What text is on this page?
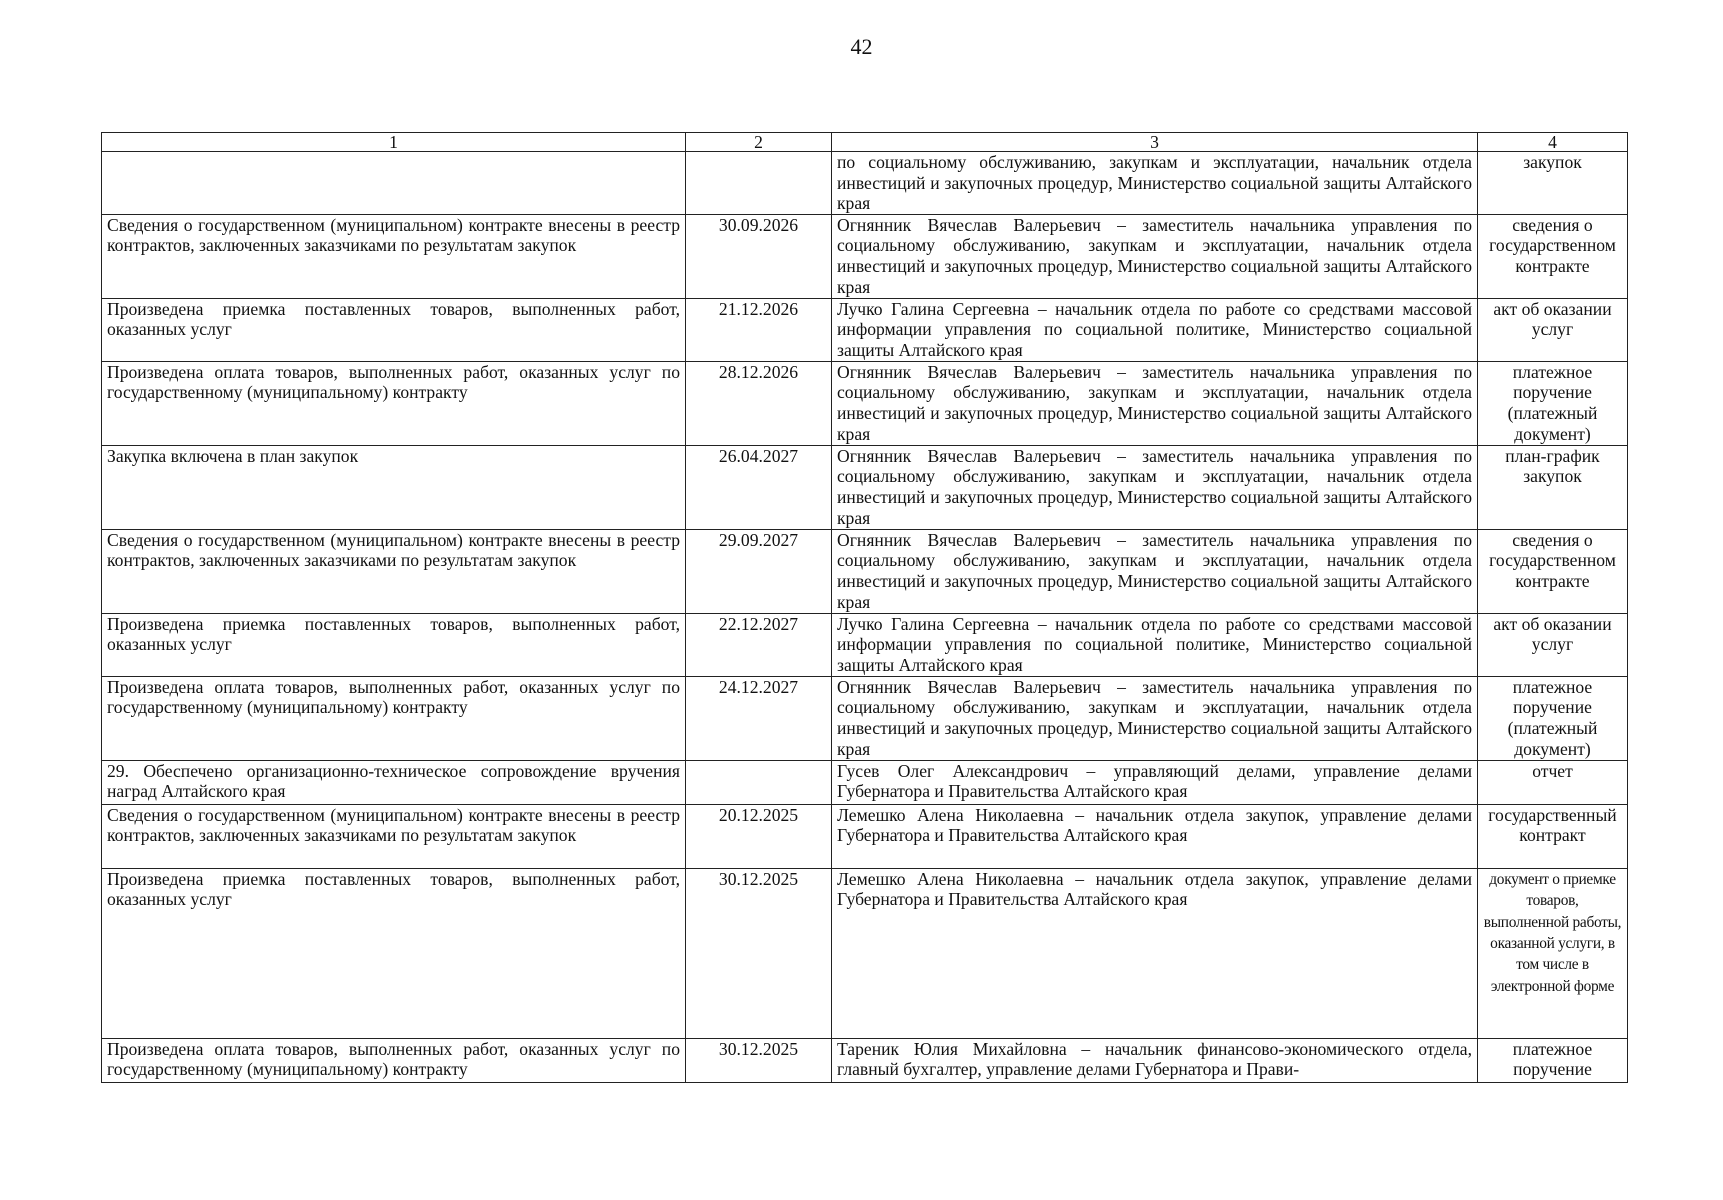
42
1	2	3	4
		по социальному обслуживанию, закупкам и эксплуатации, начальник отдела инвестиций и закупочных процедур, Министерство социальной защиты Алтайского края	закупок
Сведения о государственном (муниципальном) контракте внесены в реестр контрактов, заключенных заказчиками по результатам закупок	30.09.2026	Огнянник Вячеслав Валерьевич – заместитель начальника управления по социальному обслуживанию, закупкам и эксплуатации, начальник отдела инвестиций и закупочных процедур, Министерство социальной защиты Алтайского края	сведения о государственном контракте
Произведена приемка поставленных товаров, выполненных работ, оказанных услуг	21.12.2026	Лучко Галина Сергеевна – начальник отдела по работе со средствами массовой информации управления по социальной политике, Министерство социальной защиты Алтайского края	акт об оказании услуг
Произведена оплата товаров, выполненных работ, оказанных услуг по государственному (муниципальному) контракту	28.12.2026	Огнянник Вячеслав Валерьевич – заместитель начальника управления по социальному обслуживанию, закупкам и эксплуатации, начальник отдела инвестиций и закупочных процедур, Министерство социальной защиты Алтайского края	платежное поручение (платежный документ)
Закупка включена в план закупок	26.04.2027	Огнянник Вячеслав Валерьевич – заместитель начальника управления по социальному обслуживанию, закупкам и эксплуатации, начальник отдела инвестиций и закупочных процедур, Министерство социальной защиты Алтайского края	план-график закупок
Сведения о государственном (муниципальном) контракте внесены в реестр контрактов, заключенных заказчиками по результатам закупок	29.09.2027	Огнянник Вячеслав Валерьевич – заместитель начальника управления по социальному обслуживанию, закупкам и эксплуатации, начальник отдела инвестиций и закупочных процедур, Министерство социальной защиты Алтайского края	сведения о государственном контракте
Произведена приемка поставленных товаров, выполненных работ, оказанных услуг	22.12.2027	Лучко Галина Сергеевна – начальник отдела по работе со средствами массовой информации управления по социальной политике, Министерство социальной защиты Алтайского края	акт об оказании услуг
Произведена оплата товаров, выполненных работ, оказанных услуг по государственному (муниципальному) контракту	24.12.2027	Огнянник Вячеслав Валерьевич – заместитель начальника управления по социальному обслуживанию, закупкам и эксплуатации, начальник отдела инвестиций и закупочных процедур, Министерство социальной защиты Алтайского края	платежное поручение (платежный документ)
29. Обеспечено организационно-техническое сопровождение вручения наград Алтайского края		Гусев Олег Александрович – управляющий делами, управление делами Губернатора и Правительства Алтайского края	отчет
Сведения о государственном (муниципальном) контракте внесены в реестр контрактов, заключенных заказчиками по результатам закупок	20.12.2025	Лемешко Алена Николаевна – начальник отдела закупок, управление делами Губернатора и Правительства Алтайского края	государственный контракт
Произведена приемка поставленных товаров, выполненных работ, оказанных услуг	30.12.2025	Лемешко Алена Николаевна – начальник отдела закупок, управление делами Губернатора и Правительства Алтайского края	документ о приемке товаров, выполненной работы, оказанной услуги, в том числе в электронной форме
Произведена оплата товаров, выполненных работ, оказанных услуг по государственному (муниципальному) контракту	30.12.2025	Тареник Юлия Михайловна – начальник финансово-экономического отдела, главный бухгалтер, управление делами Губернатора и Прави-	платежное поручение
